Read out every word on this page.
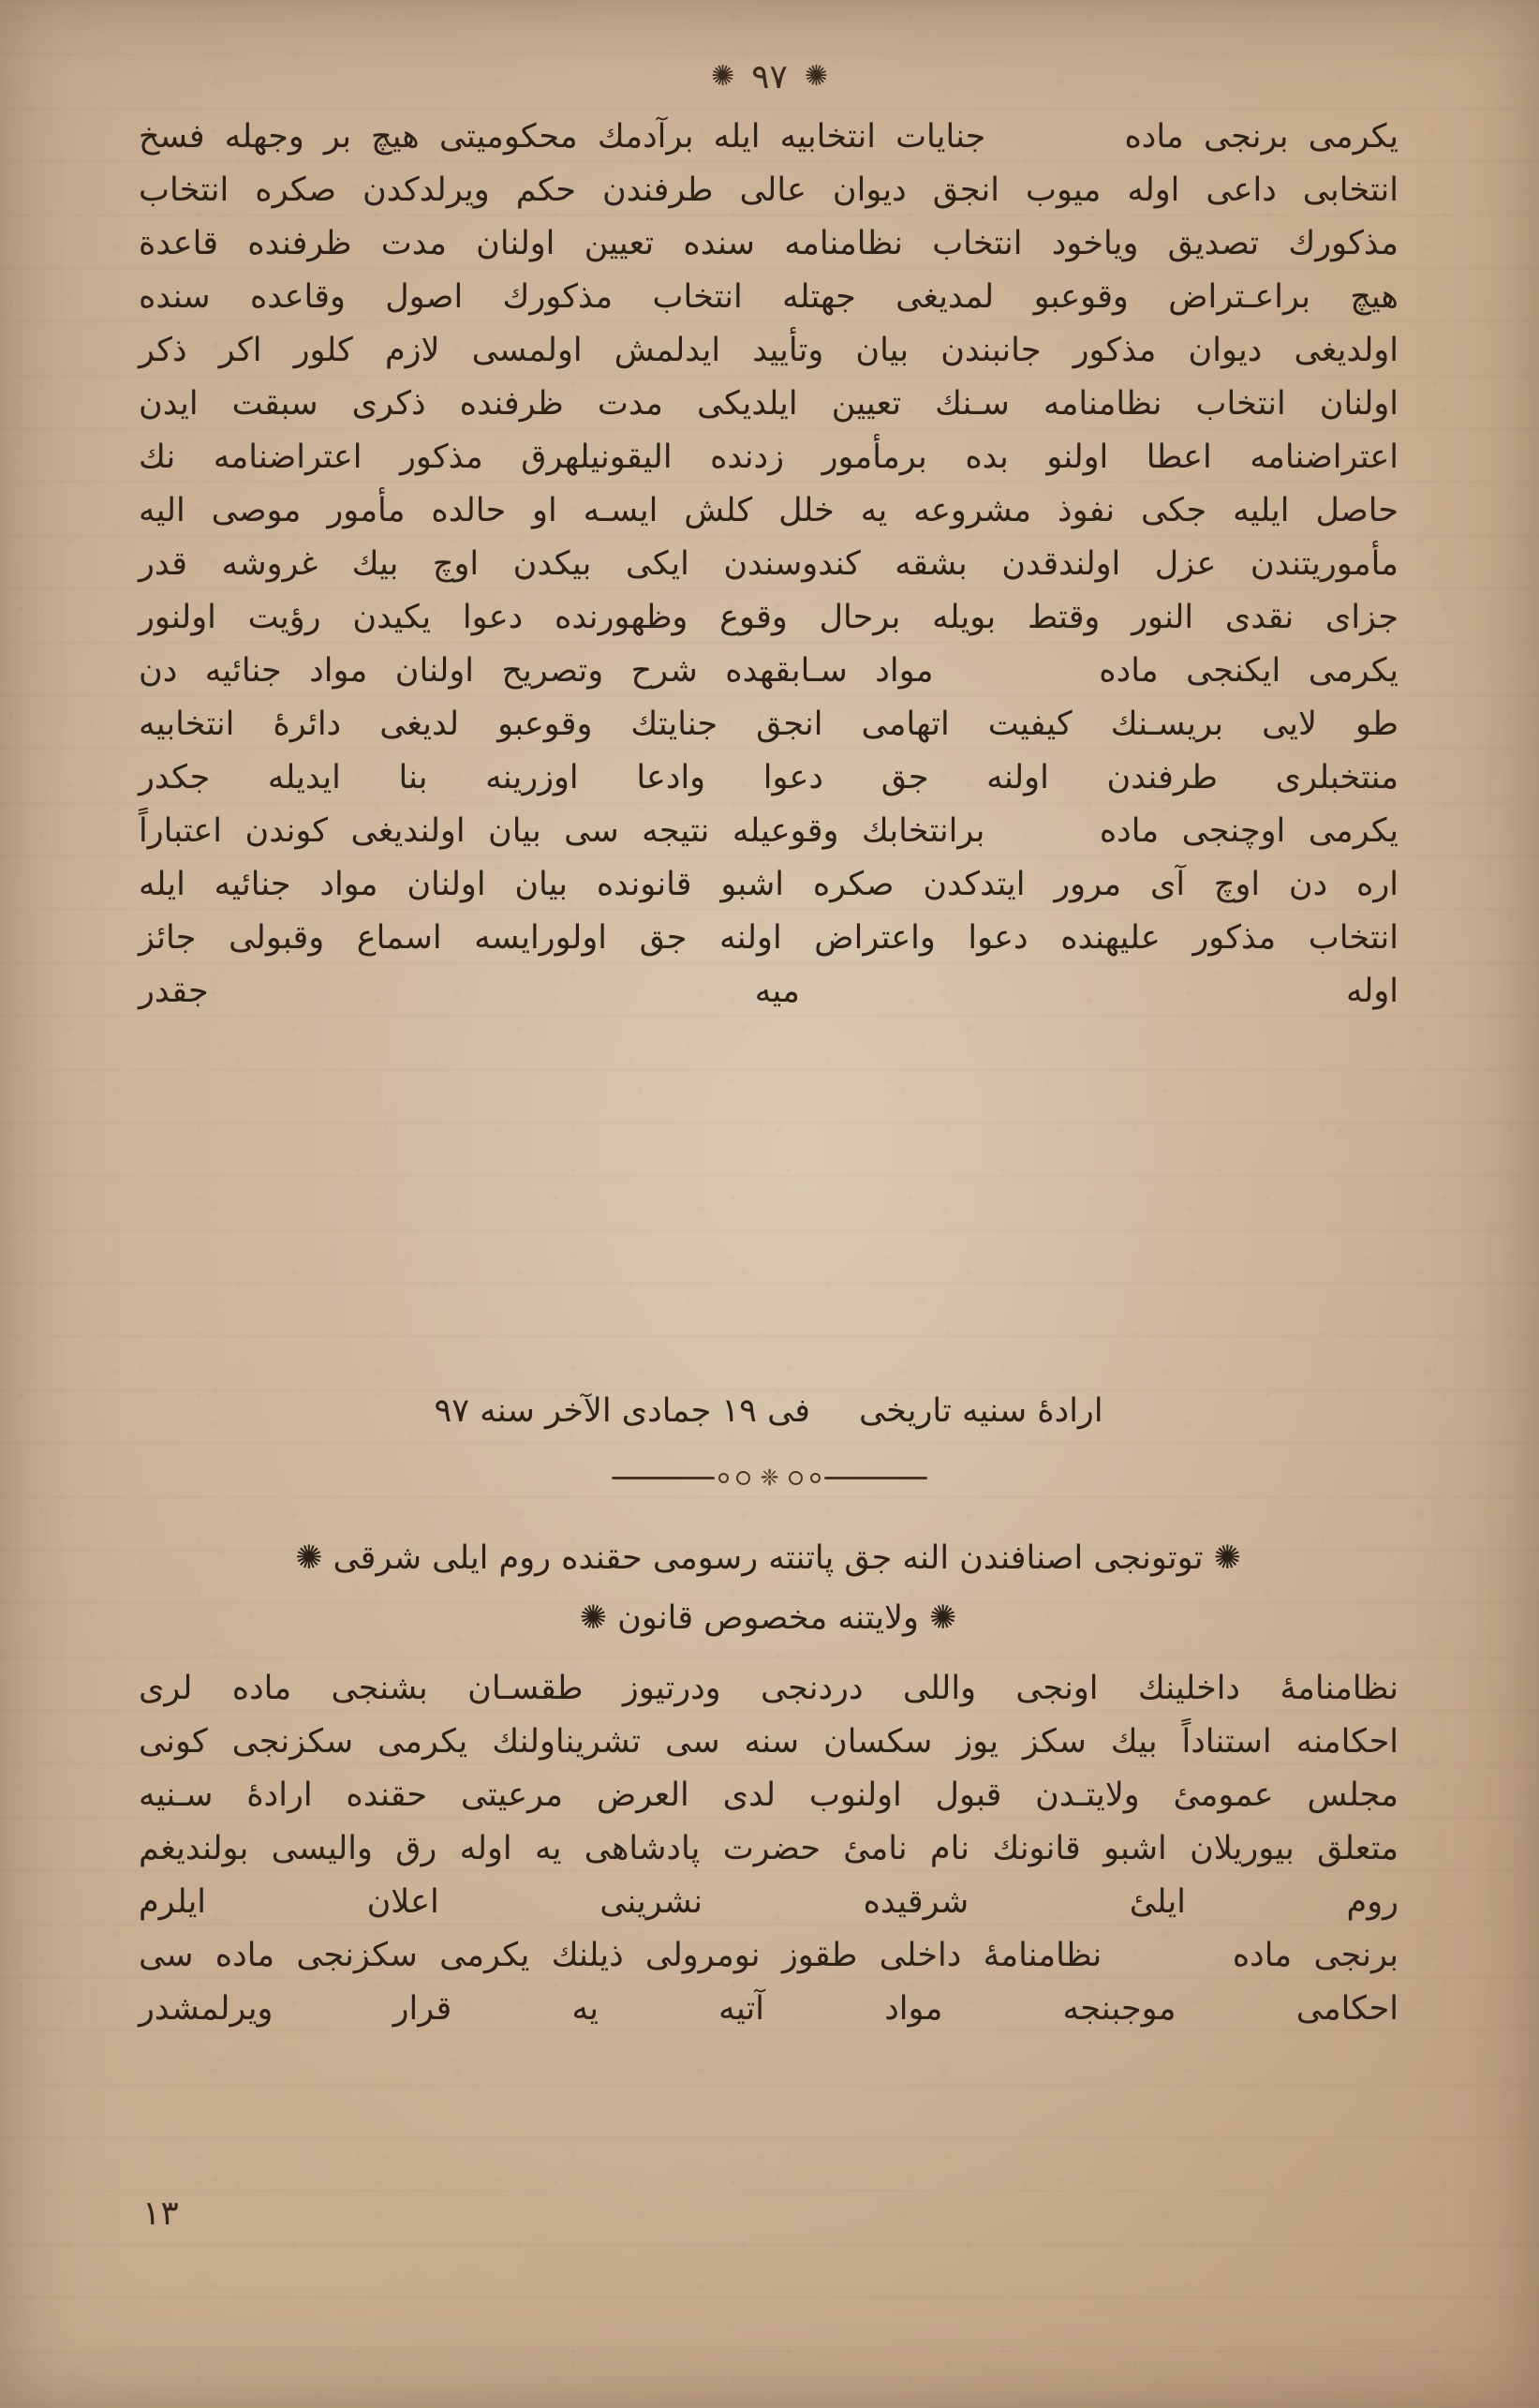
✺٩٧✺
یكرمی برنجی ماده       جنایات انتخابیه ایله برآدمك محكومیتی هیچ بر وجهله فسخ
انتخابی داعی اوله میوب انجق دیوان عالی طرفندن حكم ویرلدكدن صكره انتخاب
مذكورك تصدیق ویاخود انتخاب نظامنامه سنده تعیین اولنان مدت ظرفنده قاعدة
هیچ براعـتراض وقوعبو لمدیغی جهتله انتخاب مذكورك اصول وقاعده سنده
اولدیغی دیوان مذكور جانبندن بیان وتأیید ایدلمش اولمسی لازم كلور اكر ذكر
اولنان انتخاب نظامنامه سـنك تعیین ایلدیكی مدت ظرفنده ذكری سبقت ایدن
اعتراضنامه اعطا اولنو بده برمأمور زدنده الیقونیلهرق مذكور اعتراضنامه نك
حاصل ایلیه جكی نفوذ مشروعه یه خلل كلش ایسـه او حالده مأمور موصی الیه
مأموریتندن عزل اولندقدن بشقه كندوسندن ایكی بیكدن اوچ بیك غروشه قدر
جزای نقدی النور وقتط بویله برحال وقوع وظهورنده دعوا یكیدن رؤیت اولنور
یكرمی ایكنجی ماده      مواد سـابقهده شرح وتصریح اولنان مواد جنائیه دن
طو لایی بریسـنك كیفیت اتهامی انجق جنایتك وقوعبو لدیغی دائرهٔ انتخابیه
منتخبلری طرفندن اولنه جق دعوا وادعا اوزرینه بنا ایدیله جكدر
یكرمی اوچنجی ماده     برانتخابك وقوعیله نتیجه سی بیان اولندیغی كوندن اعتباراً
اره دن اوچ آی مرور ایتدكدن صكره اشبو قانونده بیان اولنان مواد جنائیه ایله
انتخاب مذكور علیهنده دعوا واعتراض اولنه جق اولورایسه اسماع وقبولی جائز
اوله میه جقدر
ارادهٔ سنیه تاریخیفی ١٩ جمادی الآخر سنه ٩٧
❈
✺ توتونجی اصنافندن النه جق پاتنته رسومی حقنده روم ایلی شرقی ✺
✺ ولایتنه مخصوص قانون ✺
نظامنامهٔ داخلینك اونجی واللی دردنجی ودرتیوز طقسـان بشنجی ماده لری
احكامنه استناداً بیك سكز یوز سكسان سنه سی تشریناولنك یكرمی سكزنجی كونی
مجلس عمومیٔ ولایتـدن قبول اولنوب لدی العرض مرعیتی حقنده ارادهٔ سـنیه
متعلق بیوریلان اشبو قانونك نام نامیٔ حضرت پادشاهی یه اوله رق واليسی بولندیغم
روم ایلیٔ شرقیده نشرینی اعلان ایلرم
برنجی ماده      نظامنامهٔ داخلی طقوز نومرولی ذیلنك یكرمی سكزنجی ماده سی
احكامی موجبنجه مواد آتیه یه قرار ویرلمشدر
١٣
